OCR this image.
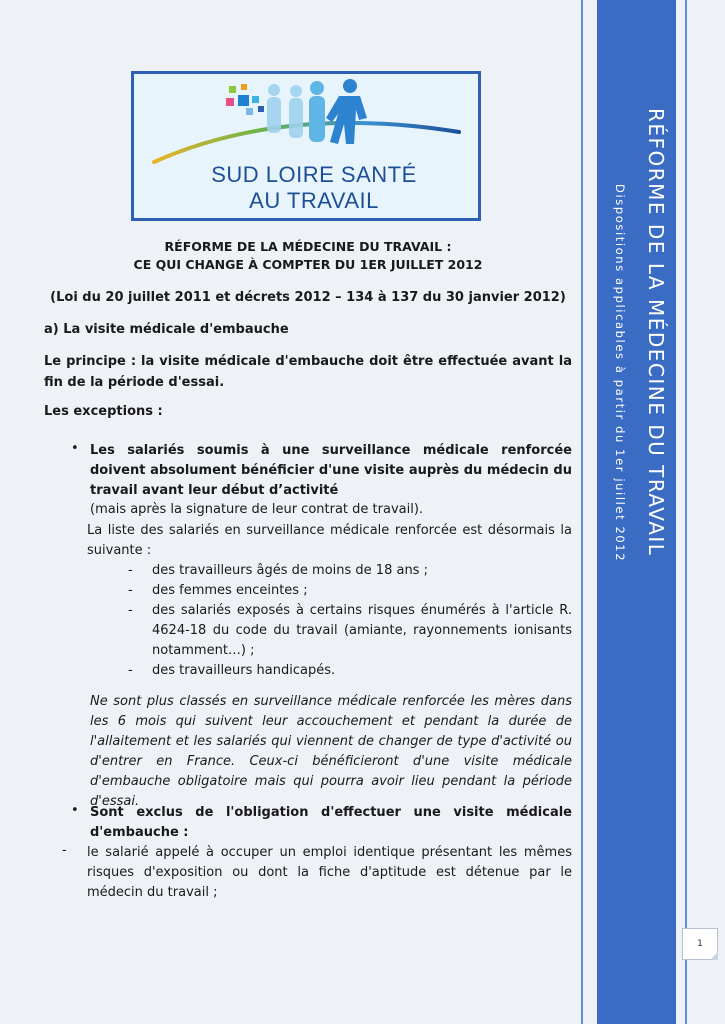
RÉFORME DE LA MÉDECINE DU TRAVAIL
Dispositions applicables à partir du 1er juillet 2012
1
SUD LOIRE SANTÉ
AU TRAVAIL
RÉFORME DE LA MÉDECINE DU TRAVAIL :
CE QUI CHANGE À COMPTER DU 1ER JUILLET 2012
(Loi du 20 juillet 2011 et décrets 2012 – 134 à 137 du 30 janvier 2012)
a) La visite médicale d'embauche
Le principe : la visite médicale d'embauche doit être effectuée avant la fin de la période d'essai.
Les exceptions :
• Les salariés soumis à une surveillance médicale renforcée doivent absolument bénéficier d'une visite auprès du médecin du travail avant leur début d’activité
(mais après la signature de leur contrat de travail).
La liste des salariés en surveillance médicale renforcée est désormais la suivante :
- des travailleurs âgés de moins de 18 ans ;
- des femmes enceintes ;
- des salariés exposés à certains risques énumérés à l'article R. 4624-18 du code du travail (amiante, rayonnements ionisants notamment…) ;
- des travailleurs handicapés.
Ne sont plus classés en surveillance médicale renforcée les mères dans les 6 mois qui suivent leur accouchement et pendant la durée de l'allaitement et les salariés qui viennent de changer de type d'activité ou d'entrer en France. Ceux-ci bénéficieront d'une visite médicale d'embauche obligatoire mais qui pourra avoir lieu pendant la période d'essai.
• Sont exclus de l'obligation d'effectuer une visite médicale d'embauche :
- le salarié appelé à occuper un emploi identique présentant les mêmes risques d'exposition ou dont la fiche d'aptitude est détenue par le médecin du travail ;
